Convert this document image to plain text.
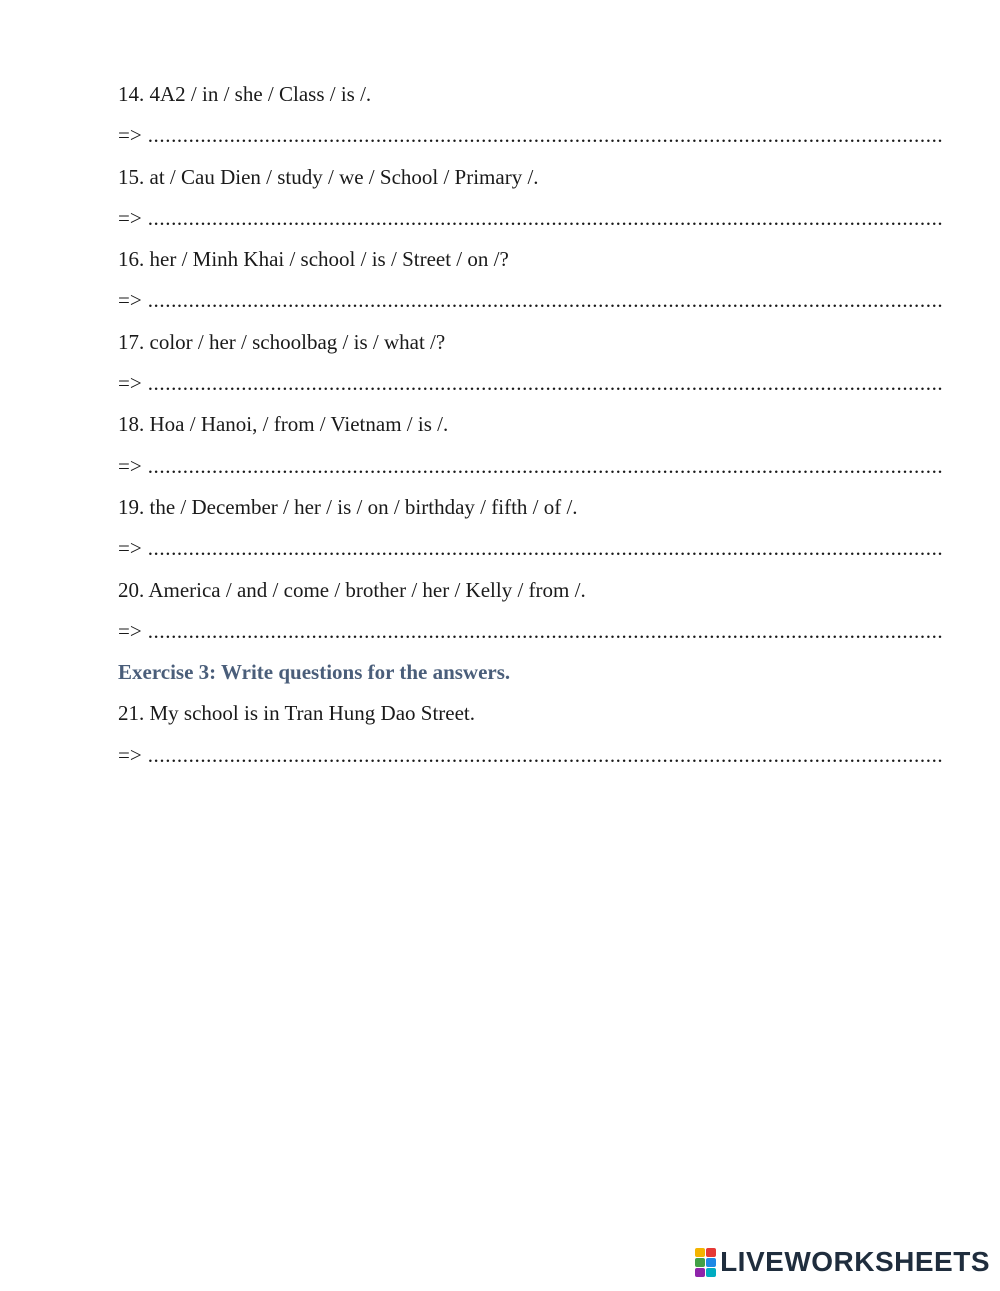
14. 4A2 / in / she / Class / is /.
=> ........................................................................................................................................
15. at / Cau Dien / study / we / School / Primary /.
=> ........................................................................................................................................
16. her / Minh Khai / school / is / Street / on /?
=> ........................................................................................................................................
17. color / her / schoolbag / is / what /?
=> ........................................................................................................................................
18. Hoa / Hanoi, / from / Vietnam / is /.
=> ........................................................................................................................................
19. the / December / her / is / on / birthday / fifth / of /.
=> ........................................................................................................................................
20. America / and / come / brother / her / Kelly / from /.
=> ........................................................................................................................................
Exercise 3: Write questions for the answers.
21. My school is in Tran Hung Dao Street.
=> ........................................................................................................................................
LIVEWORKSHEETS
